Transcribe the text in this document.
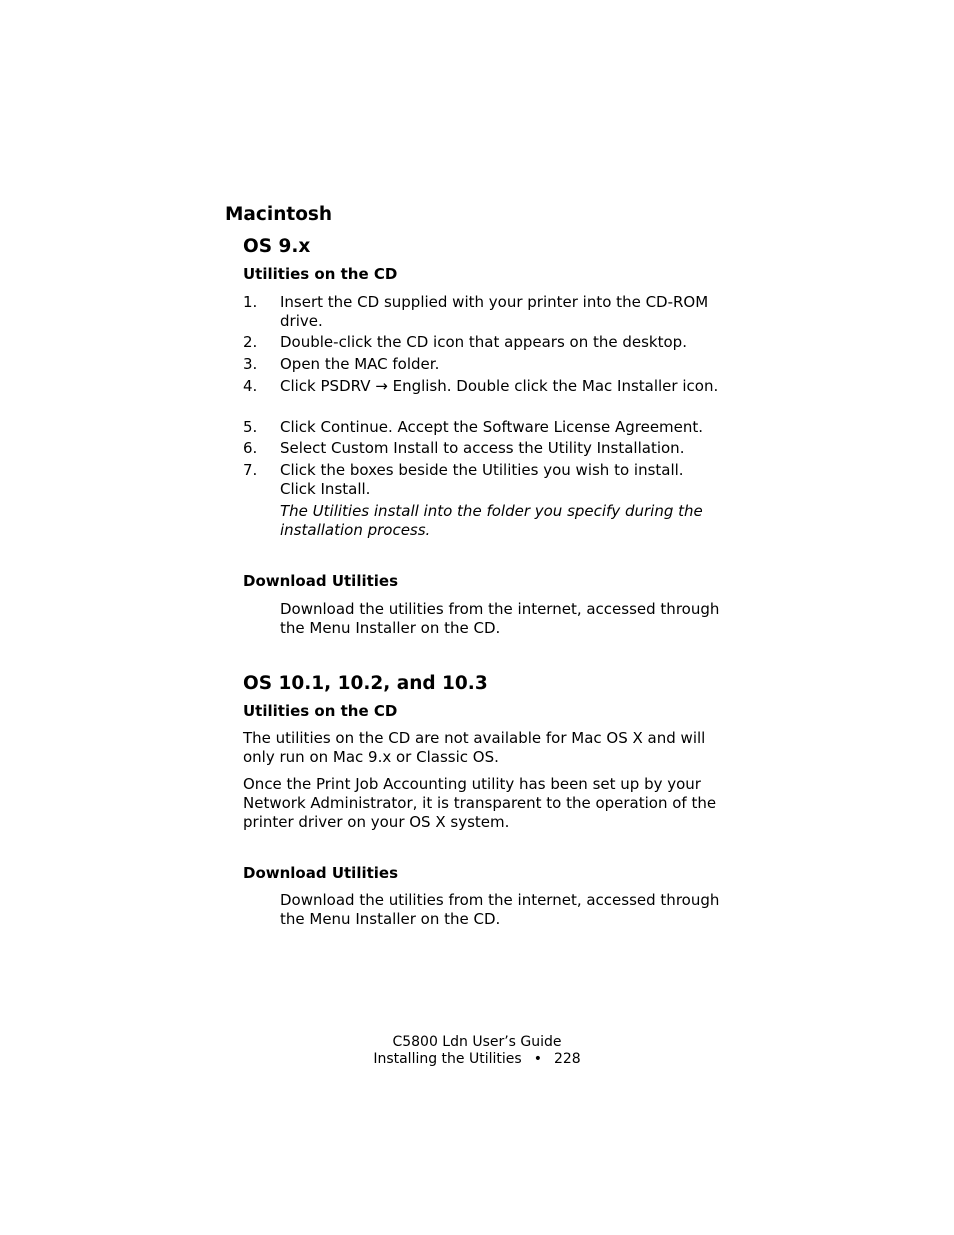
Macintosh
OS 9.x
Utilities on the CD
1. Insert the CD supplied with your printer into the CD-ROM drive.
2. Double-click the CD icon that appears on the desktop.
3. Open the MAC folder.
4. Click PSDRV → English. Double click the Mac Installer icon.
5. Click Continue. Accept the Software License Agreement.
6. Select Custom Install to access the Utility Installation.
7. Click the boxes beside the Utilities you wish to install. Click Install.
The Utilities install into the folder you specify during the installation process.
Download Utilities
Download the utilities from the internet, accessed through the Menu Installer on the CD.
OS 10.1, 10.2, and 10.3
Utilities on the CD
The utilities on the CD are not available for Mac OS X and will only run on Mac 9.x or Classic OS.
Once the Print Job Accounting utility has been set up by your Network Administrator, it is transparent to the operation of the printer driver on your OS X system.
Download Utilities
Download the utilities from the internet, accessed through the Menu Installer on the CD.
C5800 Ldn User’s Guide
Installing the Utilities • 228
